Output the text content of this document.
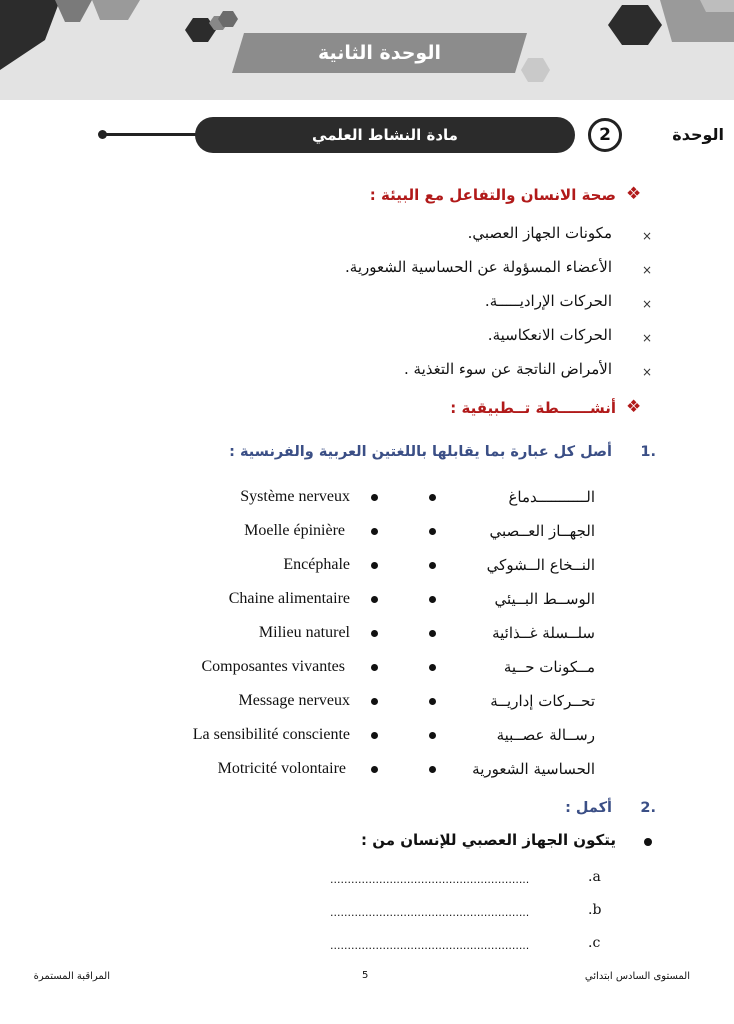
الوحدة الثانية
مادة النشاط العلمي	2	الوحدة
❖
صحة الانسان والتفاعل مع البيئة :
×
مكونات الجهاز العصبي.
×
الأعضاء المسؤولة عن الحساسية الشعورية.
×
الحركات الإراديـــــة.
×
الحركات الانعكاسية.
×
الأمراض الناتجة عن سوء التغذية .
❖
أنشــــــطة تــطبيقية :
.1
أصل كل عبارة بما يقابلها باللغتين العربية والفرنسية :
الـــــــــــدماغ
Système nerveux
الجهــاز العــصبي
Moelle épinière
النــخاع الــشوكي
Encéphale
الوســط البــيئي
Chaine alimentaire
سلــسلة غــذائية
Milieu naturel
مــكونات حــية
Composantes vivantes
تحــركات إداريــة
Message nerveux
رســالة عصــبية
La sensibilité consciente
الحساسية الشعورية
Motricité volontaire
.2
أكمل :
يتكون الجهاز العصبي للإنسان من :
.a
.........................................................
.b
.........................................................
.c
.........................................................
المستوى السادس ابتدائي
5
المراقبة المستمرة
